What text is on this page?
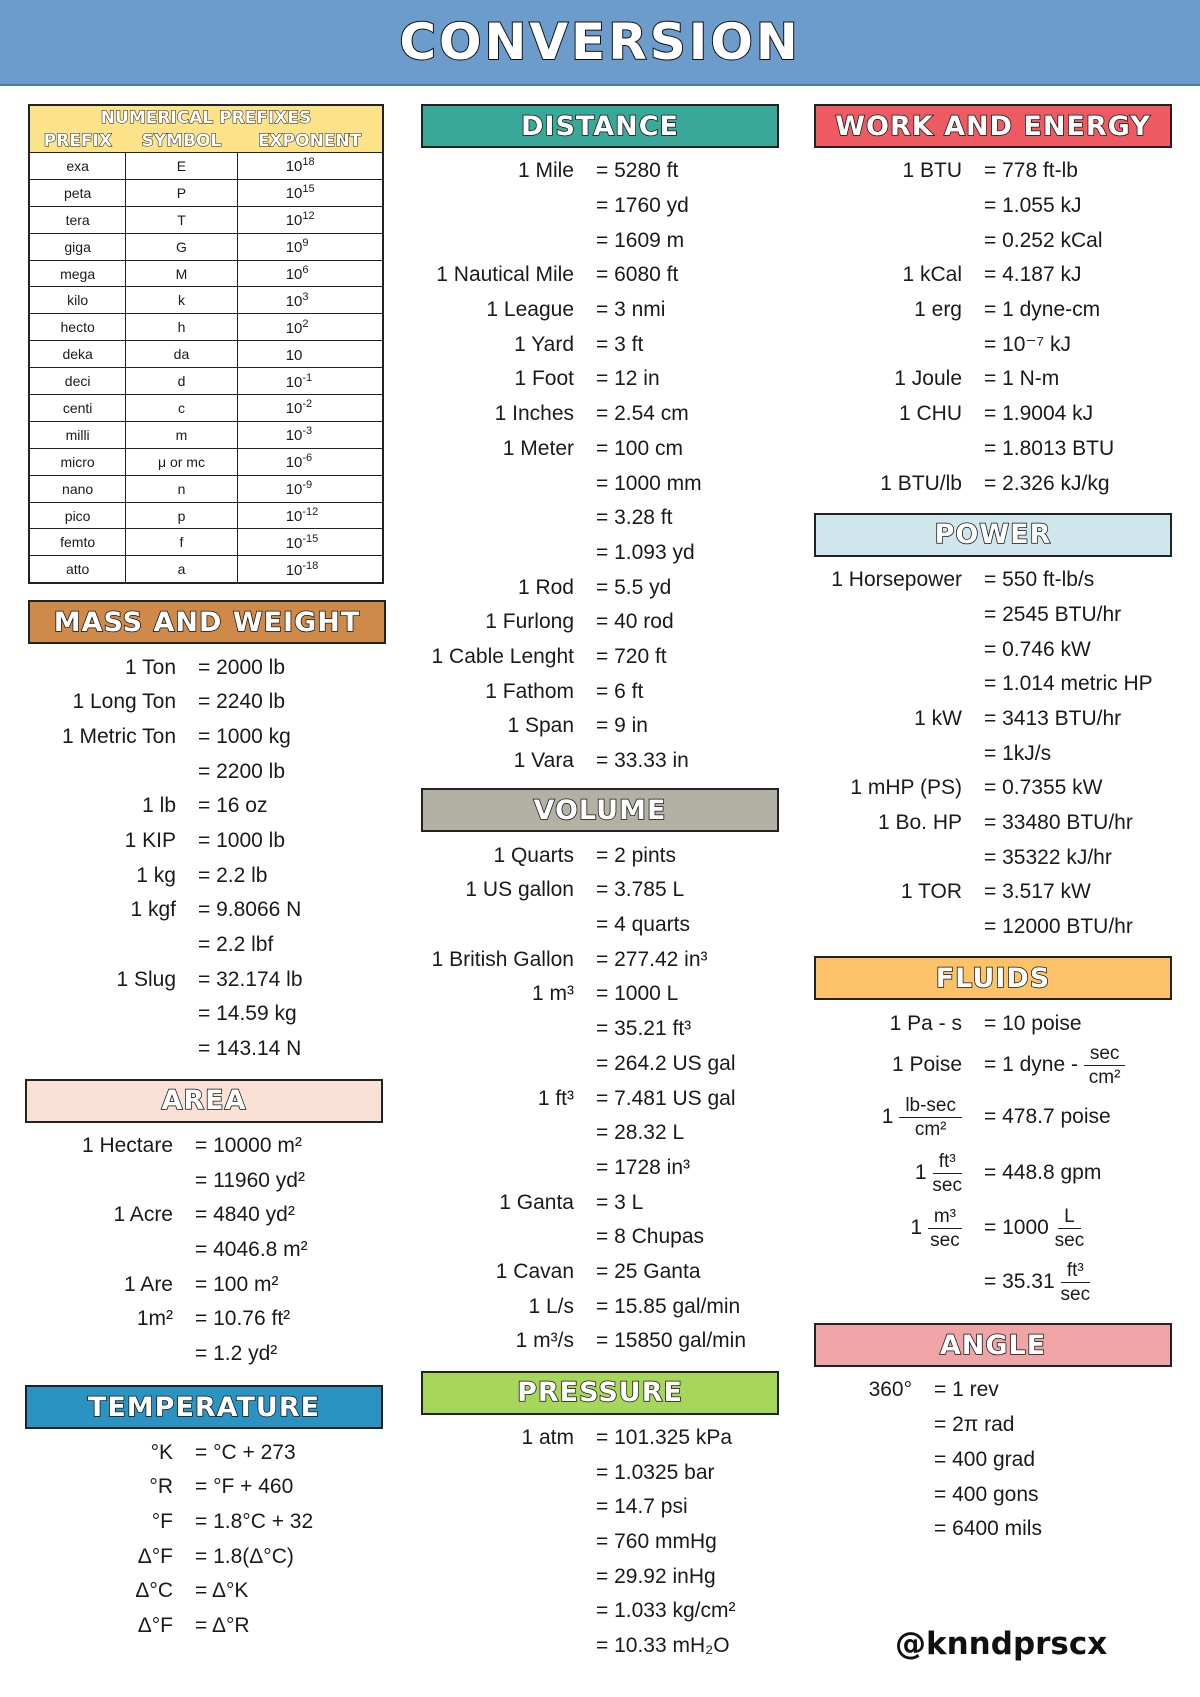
CONVERSION
NUMERICAL PREFIXES		
PREFIX	SYMBOL	EXPONENT
exa	E	$10^{18}$
peta	P	$10^{15}$
tera	T	$10^{12}$
giga	G	$10^9$
mega	M	$10^6$
kilo	k	$10^3$
hecto	h	$10^2$
deka	da	10
deci	d	$10^{-1}$
centi	c	$10^{-2}$
milli	m	$10^{-3}$
micro	μ or mc	$10^{-6}$
nano	n	$10^{-9}$
pico	p	$10^{-12}$
femto	f	$10^{-15}$
atto	a	$10^{-18}$
MASS AND WEIGHT
1 Ton	= 2000 lb
1 Long Ton	= 2240 lb
1 Metric Ton	= 1000 kg
= 2200 lb
1 lb	= 16 oz
1 KIP	= 1000 lb
1 kg	= 2.2 lb
1 kgf	= 9.8066 N
= 2.2 lbf
1 Slug	= 32.174 lb
= 14.59 kg
= 143.14 N
AREA
1 Hectare	= 10000 m²
= 11960 yd²
1 Acre	= 4840 yd²
= 4046.8 m²
1 Are	= 100 m²
1m²	= 10.76 ft²
= 1.2 yd²
TEMPERATURE
°K	= °C + 273
°R	= °F + 460
°F	= 1.8°C + 32
Δ°F	= 1.8(Δ°C)
Δ°C	= Δ°K
Δ°F	= Δ°R
DISTANCE
1 Mile	= 5280 ft
= 1760 yd
= 1609 m
1 Nautical Mile	= 6080 ft
1 League	= 3 nmi
1 Yard	= 3 ft
1 Foot	= 12 in
1 Inches	= 2.54 cm
1 Meter	= 100 cm
= 1000 mm
= 3.28 ft
= 1.093 yd
1 Rod	= 5.5 yd
1 Furlong	= 40 rod
1 Cable Lenght	= 720 ft
1 Fathom	= 6 ft
1 Span	= 9 in
1 Vara	= 33.33 in
VOLUME
1 Quarts	= 2 pints
1 US gallon	= 3.785 L
= 4 quarts
1 British Gallon	= 277.42 in³
1 m³	= 1000 L
= 35.21 ft³
= 264.2 US gal
1 ft³	= 7.481 US gal
= 28.32 L
= 1728 in³
1 Ganta	= 3 L
= 8 Chupas
1 Cavan	= 25 Ganta
1 L/s	= 15.85 gal/min
1 m³/s	= 15850 gal/min
PRESSURE
1 atm	= 101.325 kPa
= 1.0325 bar
= 14.7 psi
= 760 mmHg
= 29.92 inHg
= 1.033 kg/cm²
= 10.33 mH₂O
WORK AND ENERGY
1 BTU	= 778 ft-lb
= 1.055 kJ
= 0.252 kCal
1 kCal	= 4.187 kJ
1 erg	= 1 dyne-cm
= 10⁻⁷ kJ
1 Joule	= 1 N-m
1 CHU	= 1.9004 kJ
= 1.8013 BTU
1 BTU/lb	= 2.326 kJ/kg
POWER
1 Horsepower	= 550 ft-lb/s
= 2545 BTU/hr
= 0.746 kW
= 1.014 metric HP
1 kW	= 3413 BTU/hr
= 1kJ/s
1 mHP (PS)	= 0.7355 kW
1 Bo. HP	= 33480 BTU/hr
= 35322 kJ/hr
1 TOR	= 3.517 kW
= 12000 BTU/hr
FLUIDS
1 Pa - s	= 10 poise
1 Poise	= 1 dyne - $\frac{\sec}{\text{cm²}}$
$1 \frac{lb-\sec}{\text{cm²}}$	= 478.7 poise
$1 \frac{\text{ft³}}{\sec}$	= 448.8 gpm
$1 \frac{\text{m³}}{\sec}$	= $1000 \frac{L}{\sec}$
= $35.31 \frac{\text{ft³}}{\sec}$
ANGLE
360°	= 1 rev
= 2π rad
= 400 grad
= 400 gons
= 6400 mils
@knndprscx
